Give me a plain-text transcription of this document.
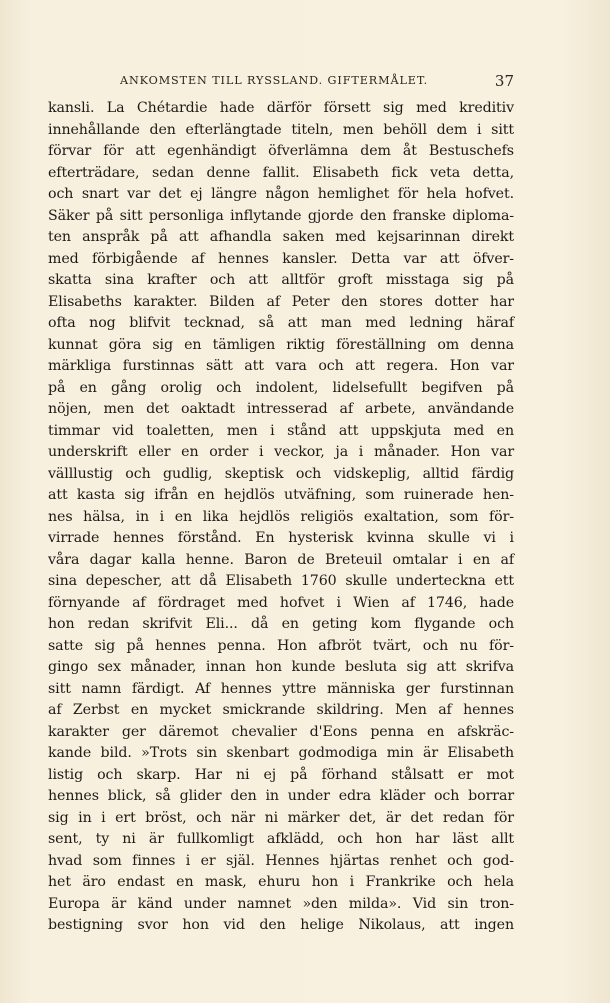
ANKOMSTEN TILL RYSSLAND. GIFTERMÅLET.	37
kansli. La Chétardie hade därför försett sig med kreditiv
innehållande den efterlängtade titeln, men behöll dem i sitt
förvar för att egenhändigt öfverlämna dem åt Bestuschefs
efterträdare, sedan denne fallit. Elisabeth fick veta detta,
och snart var det ej längre någon hemlighet för hela hofvet.
Säker på sitt personliga inflytande gjorde den franske diploma-
ten anspråk på att afhandla saken med kejsarinnan direkt
med förbigående af hennes kansler. Detta var att öfver-
skatta sina krafter och att alltför groft misstaga sig på
Elisabeths karakter. Bilden af Peter den stores dotter har
ofta nog blifvit tecknad, så att man med ledning häraf
kunnat göra sig en tämligen riktig föreställning om denna
märkliga furstinnas sätt att vara och att regera. Hon var
på en gång orolig och indolent, lidelsefullt begifven på
nöjen, men det oaktadt intresserad af arbete, användande
timmar vid toaletten, men i stånd att uppskjuta med en
underskrift eller en order i veckor, ja i månader. Hon var
välllustig och gudlig, skeptisk och vidskeplig, alltid färdig
att kasta sig ifrån en hejdlös utväfning, som ruinerade hen-
nes hälsa, in i en lika hejdlös religiös exaltation, som för-
virrade hennes förstånd. En hysterisk kvinna skulle vi i
våra dagar kalla henne. Baron de Breteuil omtalar i en af
sina depescher, att då Elisabeth 1760 skulle underteckna ett
förnyande af fördraget med hofvet i Wien af 1746, hade
hon redan skrifvit Eli... då en geting kom flygande och
satte sig på hennes penna. Hon afbröt tvärt, och nu för-
gingo sex månader, innan hon kunde besluta sig att skrifva
sitt namn färdigt. Af hennes yttre människa ger furstinnan
af Zerbst en mycket smickrande skildring. Men af hennes
karakter ger däremot chevalier d'Eons penna en afskräc-
kande bild. »Trots sin skenbart godmodiga min är Elisabeth
listig och skarp. Har ni ej på förhand stålsatt er mot
hennes blick, så glider den in under edra kläder och borrar
sig in i ert bröst, och när ni märker det, är det redan för
sent, ty ni är fullkomligt afklädd, och hon har läst allt
hvad som finnes i er själ. Hennes hjärtas renhet och god-
het äro endast en mask, ehuru hon i Frankrike och hela
Europa är känd under namnet »den milda». Vid sin tron-
bestigning svor hon vid den helige Nikolaus, att ingen
